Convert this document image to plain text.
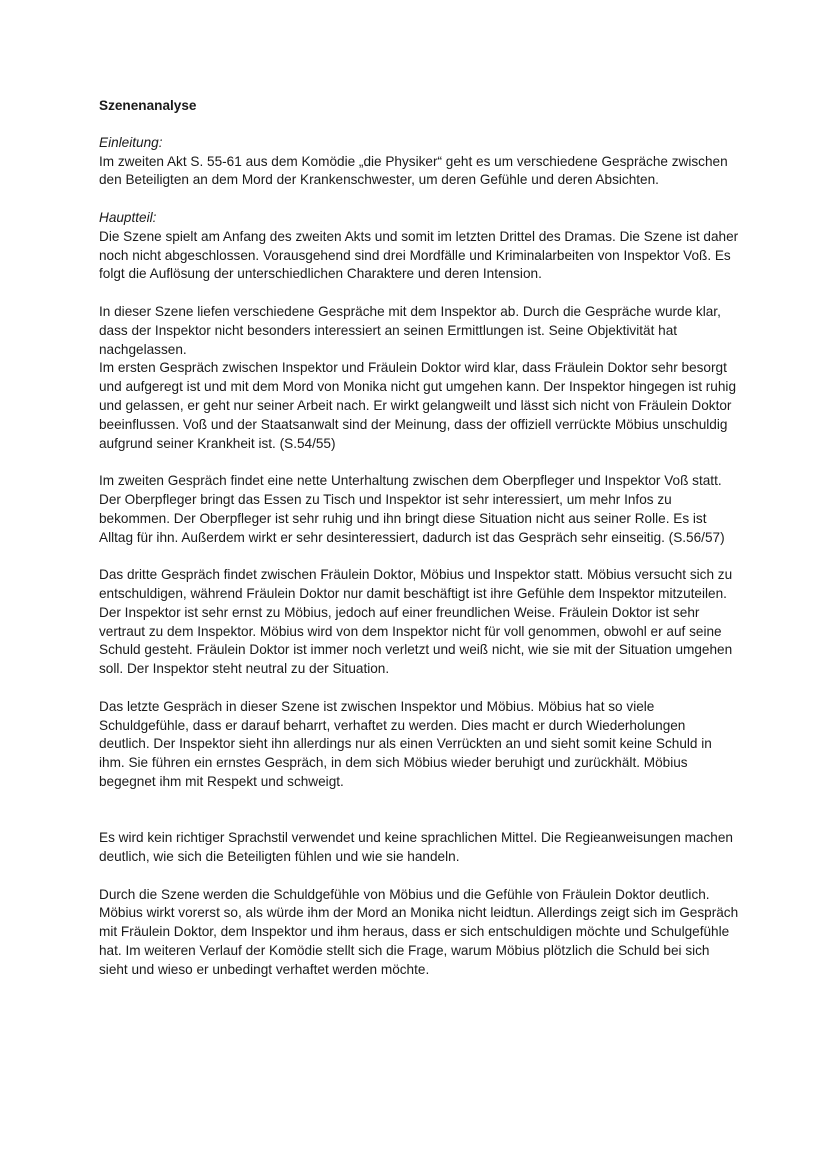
Szenenanalyse

Einleitung:

Im zweiten Akt S. 55-61 aus dem Komödie „die Physiker“ geht es um verschiedene Gespräche zwischen den Beteiligten an dem Mord der Krankenschwester, um deren Gefühle und deren Absichten.

Hauptteil:

Die Szene spielt am Anfang des zweiten Akts und somit im letzten Drittel des Dramas. Die Szene ist daher noch nicht abgeschlossen. Vorausgehend sind drei Mordfälle und Kriminalarbeiten von Inspektor Voß. Es folgt die Auflösung der unterschiedlichen Charaktere und deren Intension.

In dieser Szene liefen verschiedene Gespräche mit dem Inspektor ab. Durch die Gespräche wurde klar, dass der Inspektor nicht besonders interessiert an seinen Ermittlungen ist. Seine Objektivität hat nachgelassen.

Im ersten Gespräch zwischen Inspektor und Fräulein Doktor wird klar, dass Fräulein Doktor sehr besorgt und aufgeregt ist und mit dem Mord von Monika nicht gut umgehen kann. Der Inspektor hingegen ist ruhig und gelassen, er geht nur seiner Arbeit nach. Er wirkt gelangweilt und lässt sich nicht von Fräulein Doktor beeinflussen. Voß und der Staatsanwalt sind der Meinung, dass der offiziell verrückte Möbius unschuldig aufgrund seiner Krankheit ist. (S.54/55)

Im zweiten Gespräch findet eine nette Unterhaltung zwischen dem Oberpfleger und Inspektor Voß statt. Der Oberpfleger bringt das Essen zu Tisch und Inspektor ist sehr interessiert, um mehr Infos zu bekommen. Der Oberpfleger ist sehr ruhig und ihn bringt diese Situation nicht aus seiner Rolle. Es ist Alltag für ihn. Außerdem wirkt er sehr desinteressiert, dadurch ist das Gespräch sehr einseitig. (S.56/57)

Das dritte Gespräch findet zwischen Fräulein Doktor, Möbius und Inspektor statt. Möbius versucht sich zu entschuldigen, während Fräulein Doktor nur damit beschäftigt ist ihre Gefühle dem Inspektor mitzuteilen. Der Inspektor ist sehr ernst zu Möbius, jedoch auf einer freundlichen Weise. Fräulein Doktor ist sehr vertraut zu dem Inspektor. Möbius wird von dem Inspektor nicht für voll genommen, obwohl er auf seine Schuld gesteht. Fräulein Doktor ist immer noch verletzt und weiß nicht, wie sie mit der Situation umgehen soll. Der Inspektor steht neutral zu der Situation.

Das letzte Gespräch in dieser Szene ist zwischen Inspektor und Möbius. Möbius hat so viele Schuldgefühle, dass er darauf beharrt, verhaftet zu werden. Dies macht er durch Wiederholungen deutlich. Der Inspektor sieht ihn allerdings nur als einen Verrückten an und sieht somit keine Schuld in ihm. Sie führen ein ernstes Gespräch, in dem sich Möbius wieder beruhigt und zurückhält. Möbius begegnet ihm mit Respekt und schweigt.

Es wird kein richtiger Sprachstil verwendet und keine sprachlichen Mittel. Die Regieanweisungen machen deutlich, wie sich die Beteiligten fühlen und wie sie handeln.

Durch die Szene werden die Schuldgefühle von Möbius und die Gefühle von Fräulein Doktor deutlich. Möbius wirkt vorerst so, als würde ihm der Mord an Monika nicht leidtun. Allerdings zeigt sich im Gespräch mit Fräulein Doktor, dem Inspektor und ihm heraus, dass er sich entschuldigen möchte und Schulgefühle hat. Im weiteren Verlauf der Komödie stellt sich die Frage, warum Möbius plötzlich die Schuld bei sich sieht und wieso er unbedingt verhaftet werden möchte.
